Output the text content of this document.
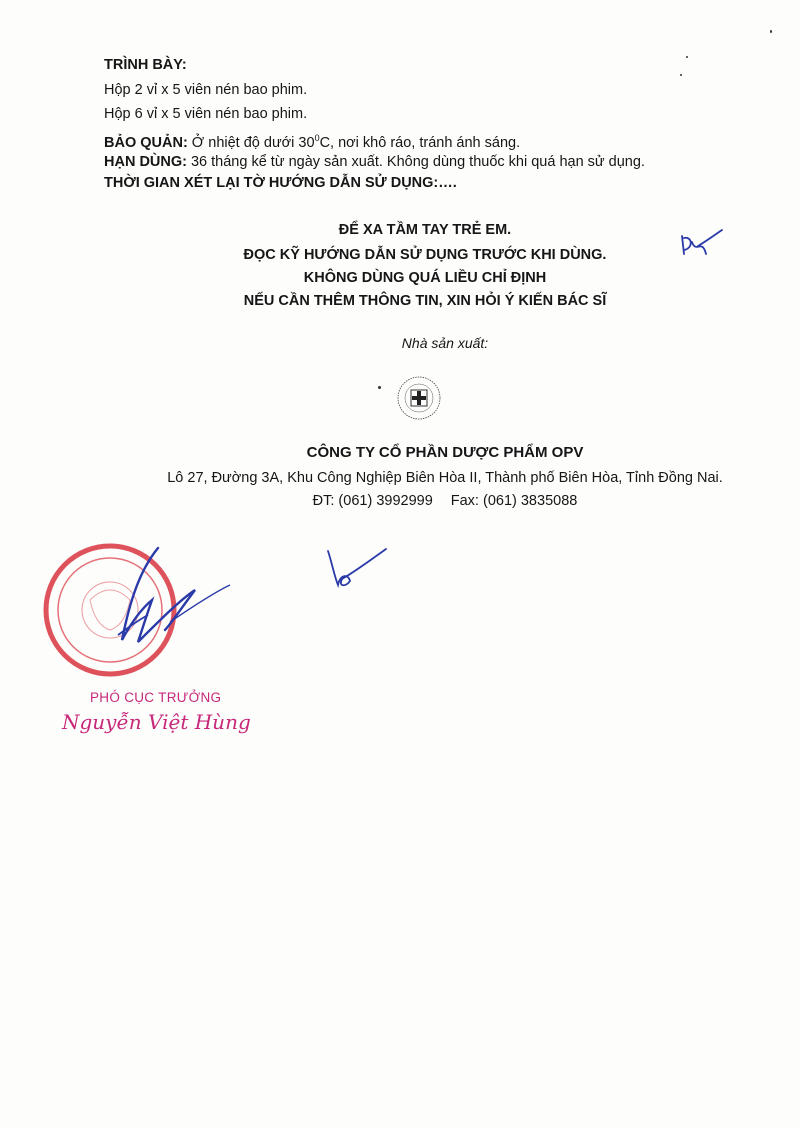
TRÌNH BÀY:
Hộp 2 vỉ x 5 viên nén bao phim.
Hộp 6 vỉ x 5 viên nén bao phim.
BẢO QUẢN: Ở nhiệt độ dưới $30^0C$, nơi khô ráo, tránh ánh sáng.
HẠN DÙNG: 36 tháng kể từ ngày sản xuất. Không dùng thuốc khi quá hạn sử dụng.
THỜI GIAN XÉT LẠI TỜ HƯỚNG DẪN SỬ DỤNG:….
ĐỂ XA TẦM TAY TRẺ EM.
ĐỌC KỸ HƯỚNG DẪN SỬ DỤNG TRƯỚC KHI DÙNG.
KHÔNG DÙNG QUÁ LIỀU CHỈ ĐỊNH
NẾU CẦN THÊM THÔNG TIN, XIN HỎI Ý KIẾN BÁC SĨ
Nhà sản xuất:
CÔNG TY CỔ PHẦN DƯỢC PHẨM OPV
Lô 27, Đường 3A, Khu Công Nghiệp Biên Hòa II, Thành phố Biên Hòa, Tỉnh Đồng Nai.
ĐT: (061) 3992999 Fax: (061) 3835088
PHÓ CỤC TRƯỞNG
Nguyễn Việt Hùng
